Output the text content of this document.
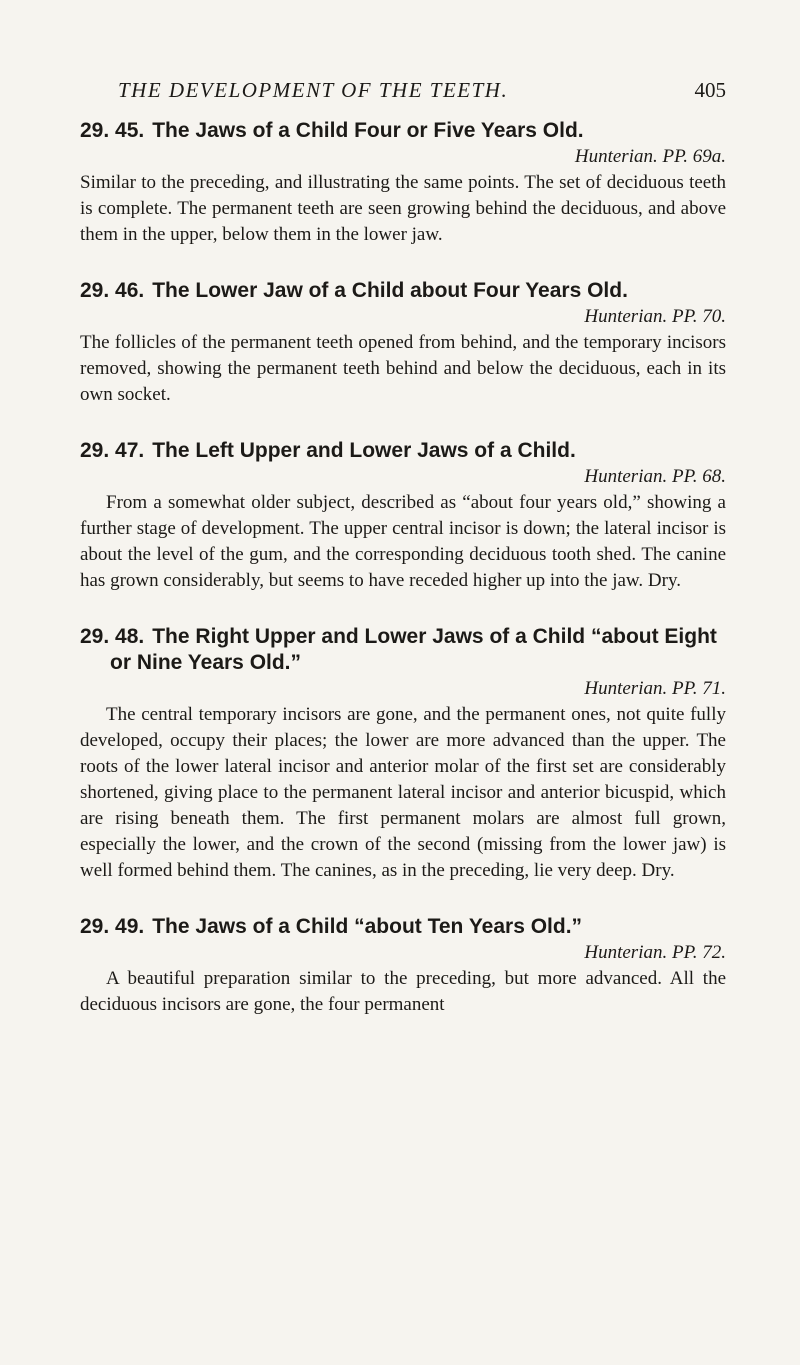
THE DEVELOPMENT OF THE TEETH.	405

29. 45. The Jaws of a Child Four or Five Years Old.

Hunterian. PP. 69a.

Similar to the preceding, and illustrating the same points. The set of deciduous teeth is complete. The permanent teeth are seen growing behind the deciduous, and above them in the upper, below them in the lower jaw.

29. 46. The Lower Jaw of a Child about Four Years Old.

Hunterian. PP. 70.

The follicles of the permanent teeth opened from behind, and the temporary incisors removed, showing the permanent teeth behind and below the deciduous, each in its own socket.

29. 47. The Left Upper and Lower Jaws of a Child.

Hunterian. PP. 68.

From a somewhat older subject, described as “about four years old,” showing a further stage of development. The upper central incisor is down; the lateral incisor is about the level of the gum, and the corresponding deciduous tooth shed. The canine has grown considerably, but seems to have receded higher up into the jaw. Dry.

29. 48. The Right Upper and Lower Jaws of a Child “about Eight or Nine Years Old.”

Hunterian. PP. 71.

The central temporary incisors are gone, and the permanent ones, not quite fully developed, occupy their places; the lower are more advanced than the upper. The roots of the lower lateral incisor and anterior molar of the first set are considerably shortened, giving place to the permanent lateral incisor and anterior bicuspid, which are rising beneath them. The first permanent molars are almost full grown, especially the lower, and the crown of the second (missing from the lower jaw) is well formed behind them. The canines, as in the preceding, lie very deep. Dry.

29. 49. The Jaws of a Child “about Ten Years Old.”

Hunterian. PP. 72.

A beautiful preparation similar to the preceding, but more advanced. All the deciduous incisors are gone, the four permanent
